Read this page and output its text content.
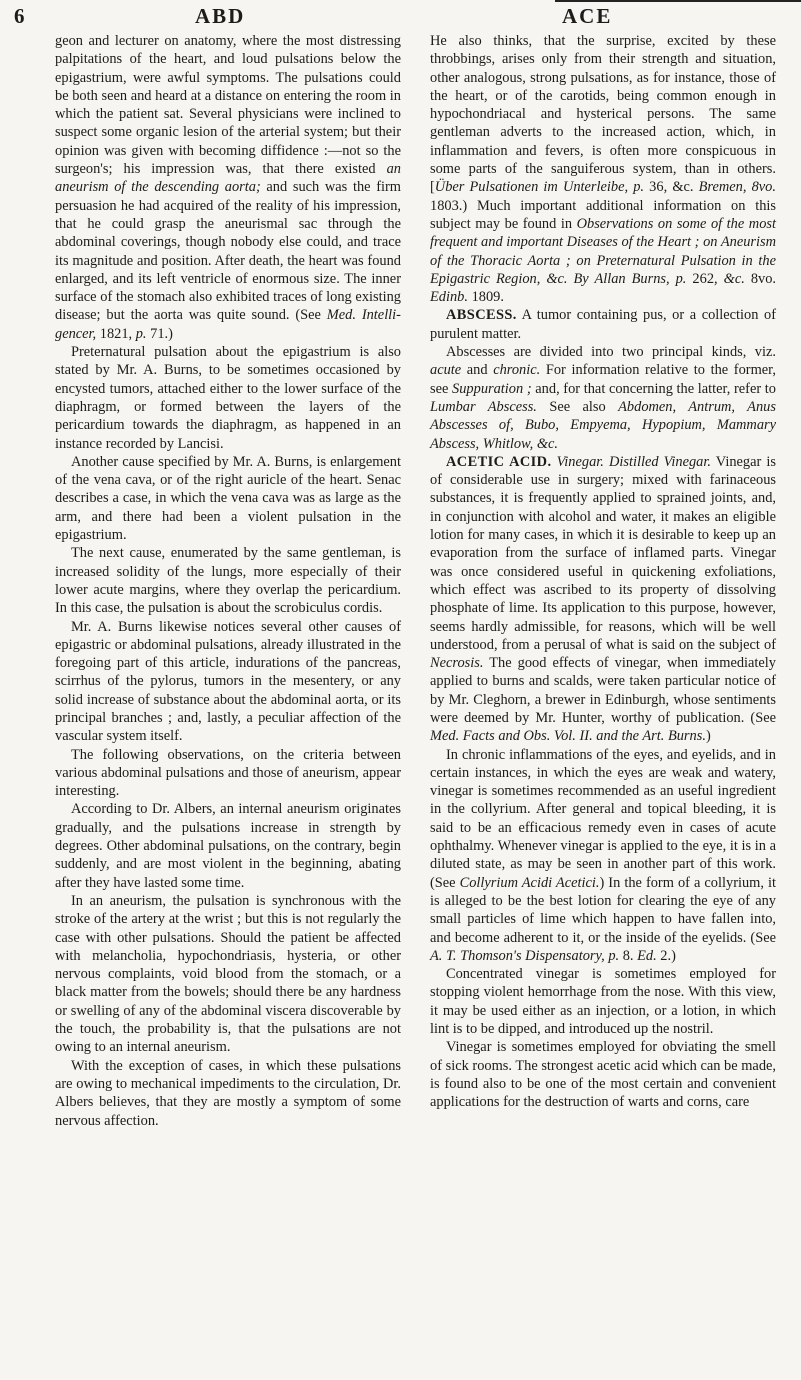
6	ABD	ACE

geon and lecturer on anatomy, where the most distressing palpitations of the heart, and loud pulsations below the epigastrium, were awful symptoms. The pulsations could be both seen and heard at a distance on entering the room in which the patient sat. Several physicians were inclined to suspect some organic lesion of the arterial system; but their opinion was given with becoming diffidence :—not so the surgeon's; his impression was, that there existed an aneurism of the descending aorta; and such was the firm persuasion he had acquired of the reality of his impression, that he could grasp the aneurismal sac through the abdominal coverings, though nobody else could, and trace its magnitude and position. After death, the heart was found enlarged, and its left ventricle of enormous size. The inner surface of the stomach also exhibited traces of long existing disease; but the aorta was quite sound. (See Med. Intelli-gencer, 1821, p. 71.)

Preternatural pulsation about the epigastrium is also stated by Mr. A. Burns, to be sometimes occasioned by encysted tumors, attached either to the lower surface of the diaphragm, or formed between the layers of the pericardium towards the diaphragm, as happened in an instance recorded by Lancisi.

Another cause specified by Mr. A. Burns, is enlargement of the vena cava, or of the right auricle of the heart. Senac describes a case, in which the vena cava was as large as the arm, and there had been a violent pulsation in the epigastrium.

The next cause, enumerated by the same gentleman, is increased solidity of the lungs, more especially of their lower acute margins, where they overlap the pericardium. In this case, the pulsation is about the scrobiculus cordis.

Mr. A. Burns likewise notices several other causes of epigastric or abdominal pulsations, already illustrated in the foregoing part of this article, indurations of the pancreas, scirrhus of the pylorus, tumors in the mesentery, or any solid increase of substance about the abdominal aorta, or its principal branches ; and, lastly, a peculiar affection of the vascular system itself.

The following observations, on the criteria between various abdominal pulsations and those of aneurism, appear interesting.

According to Dr. Albers, an internal aneurism originates gradually, and the pulsations increase in strength by degrees. Other abdominal pulsations, on the contrary, begin suddenly, and are most violent in the beginning, abating after they have lasted some time.

In an aneurism, the pulsation is synchronous with the stroke of the artery at the wrist ; but this is not regularly the case with other pulsations. Should the patient be affected with melancholia, hypochondriasis, hysteria, or other nervous complaints, void blood from the stomach, or a black matter from the bowels; should there be any hardness or swelling of any of the abdominal viscera discoverable by the touch, the probability is, that the pulsations are not owing to an internal aneurism.

With the exception of cases, in which these pulsations are owing to mechanical impediments to the circulation, Dr. Albers believes, that they are mostly a symptom of some nervous affection.

He also thinks, that the surprise, excited by these throbbings, arises only from their strength and situation, other analogous, strong pulsations, as for instance, those of the heart, or of the carotids, being common enough in hypochondriacal and hysterical persons. The same gentleman adverts to the increased action, which, in inflammation and fevers, is often more conspicuous in some parts of the sanguiferous system, than in others. [Über Pulsationen im Unterleibe, p. 36, &c. Bremen, 8vo. 1803.) Much important additional information on this subject may be found in Observations on some of the most frequent and important Diseases of the Heart ; on Aneurism of the Thoracic Aorta ; on Preternatural Pulsation in the Epigastric Region, &c. By Allan Burns, p. 262, &c. 8vo. Edinb. 1809.

ABSCESS. A tumor containing pus, or a collection of purulent matter.

Abscesses are divided into two principal kinds, viz. acute and chronic. For information relative to the former, see Suppuration ; and, for that concerning the latter, refer to Lumbar Abscess. See also Abdomen, Antrum, Anus Abscesses of, Bubo, Empyema, Hypopium, Mammary Abscess, Whitlow, &c.

ACETIC ACID. Vinegar. Distilled Vinegar. Vinegar is of considerable use in surgery; mixed with farinaceous substances, it is frequently applied to sprained joints, and, in conjunction with alcohol and water, it makes an eligible lotion for many cases, in which it is desirable to keep up an evaporation from the surface of inflamed parts. Vinegar was once considered useful in quickening exfoliations, which effect was ascribed to its property of dissolving phosphate of lime. Its application to this purpose, however, seems hardly admissible, for reasons, which will be well understood, from a perusal of what is said on the subject of Necrosis. The good effects of vinegar, when immediately applied to burns and scalds, were taken particular notice of by Mr. Cleghorn, a brewer in Edinburgh, whose sentiments were deemed by Mr. Hunter, worthy of publication. (See Med. Facts and Obs. Vol. II. and the Art. Burns.)

In chronic inflammations of the eyes, and eyelids, and in certain instances, in which the eyes are weak and watery, vinegar is sometimes recommended as an useful ingredient in the collyrium. After general and topical bleeding, it is said to be an efficacious remedy even in cases of acute ophthalmy. Whenever vinegar is applied to the eye, it is in a diluted state, as may be seen in another part of this work. (See Collyrium Acidi Acetici.) In the form of a collyrium, it is alleged to be the best lotion for clearing the eye of any small particles of lime which happen to have fallen into, and become adherent to it, or the inside of the eyelids. (See A. T. Thomson's Dispensatory, p. 8. Ed. 2.)

Concentrated vinegar is sometimes employed for stopping violent hemorrhage from the nose. With this view, it may be used either as an injection, or a lotion, in which lint is to be dipped, and introduced up the nostril.

Vinegar is sometimes employed for obviating the smell of sick rooms. The strongest acetic acid which can be made, is found also to be one of the most certain and convenient applications for the destruction of warts and corns, care
